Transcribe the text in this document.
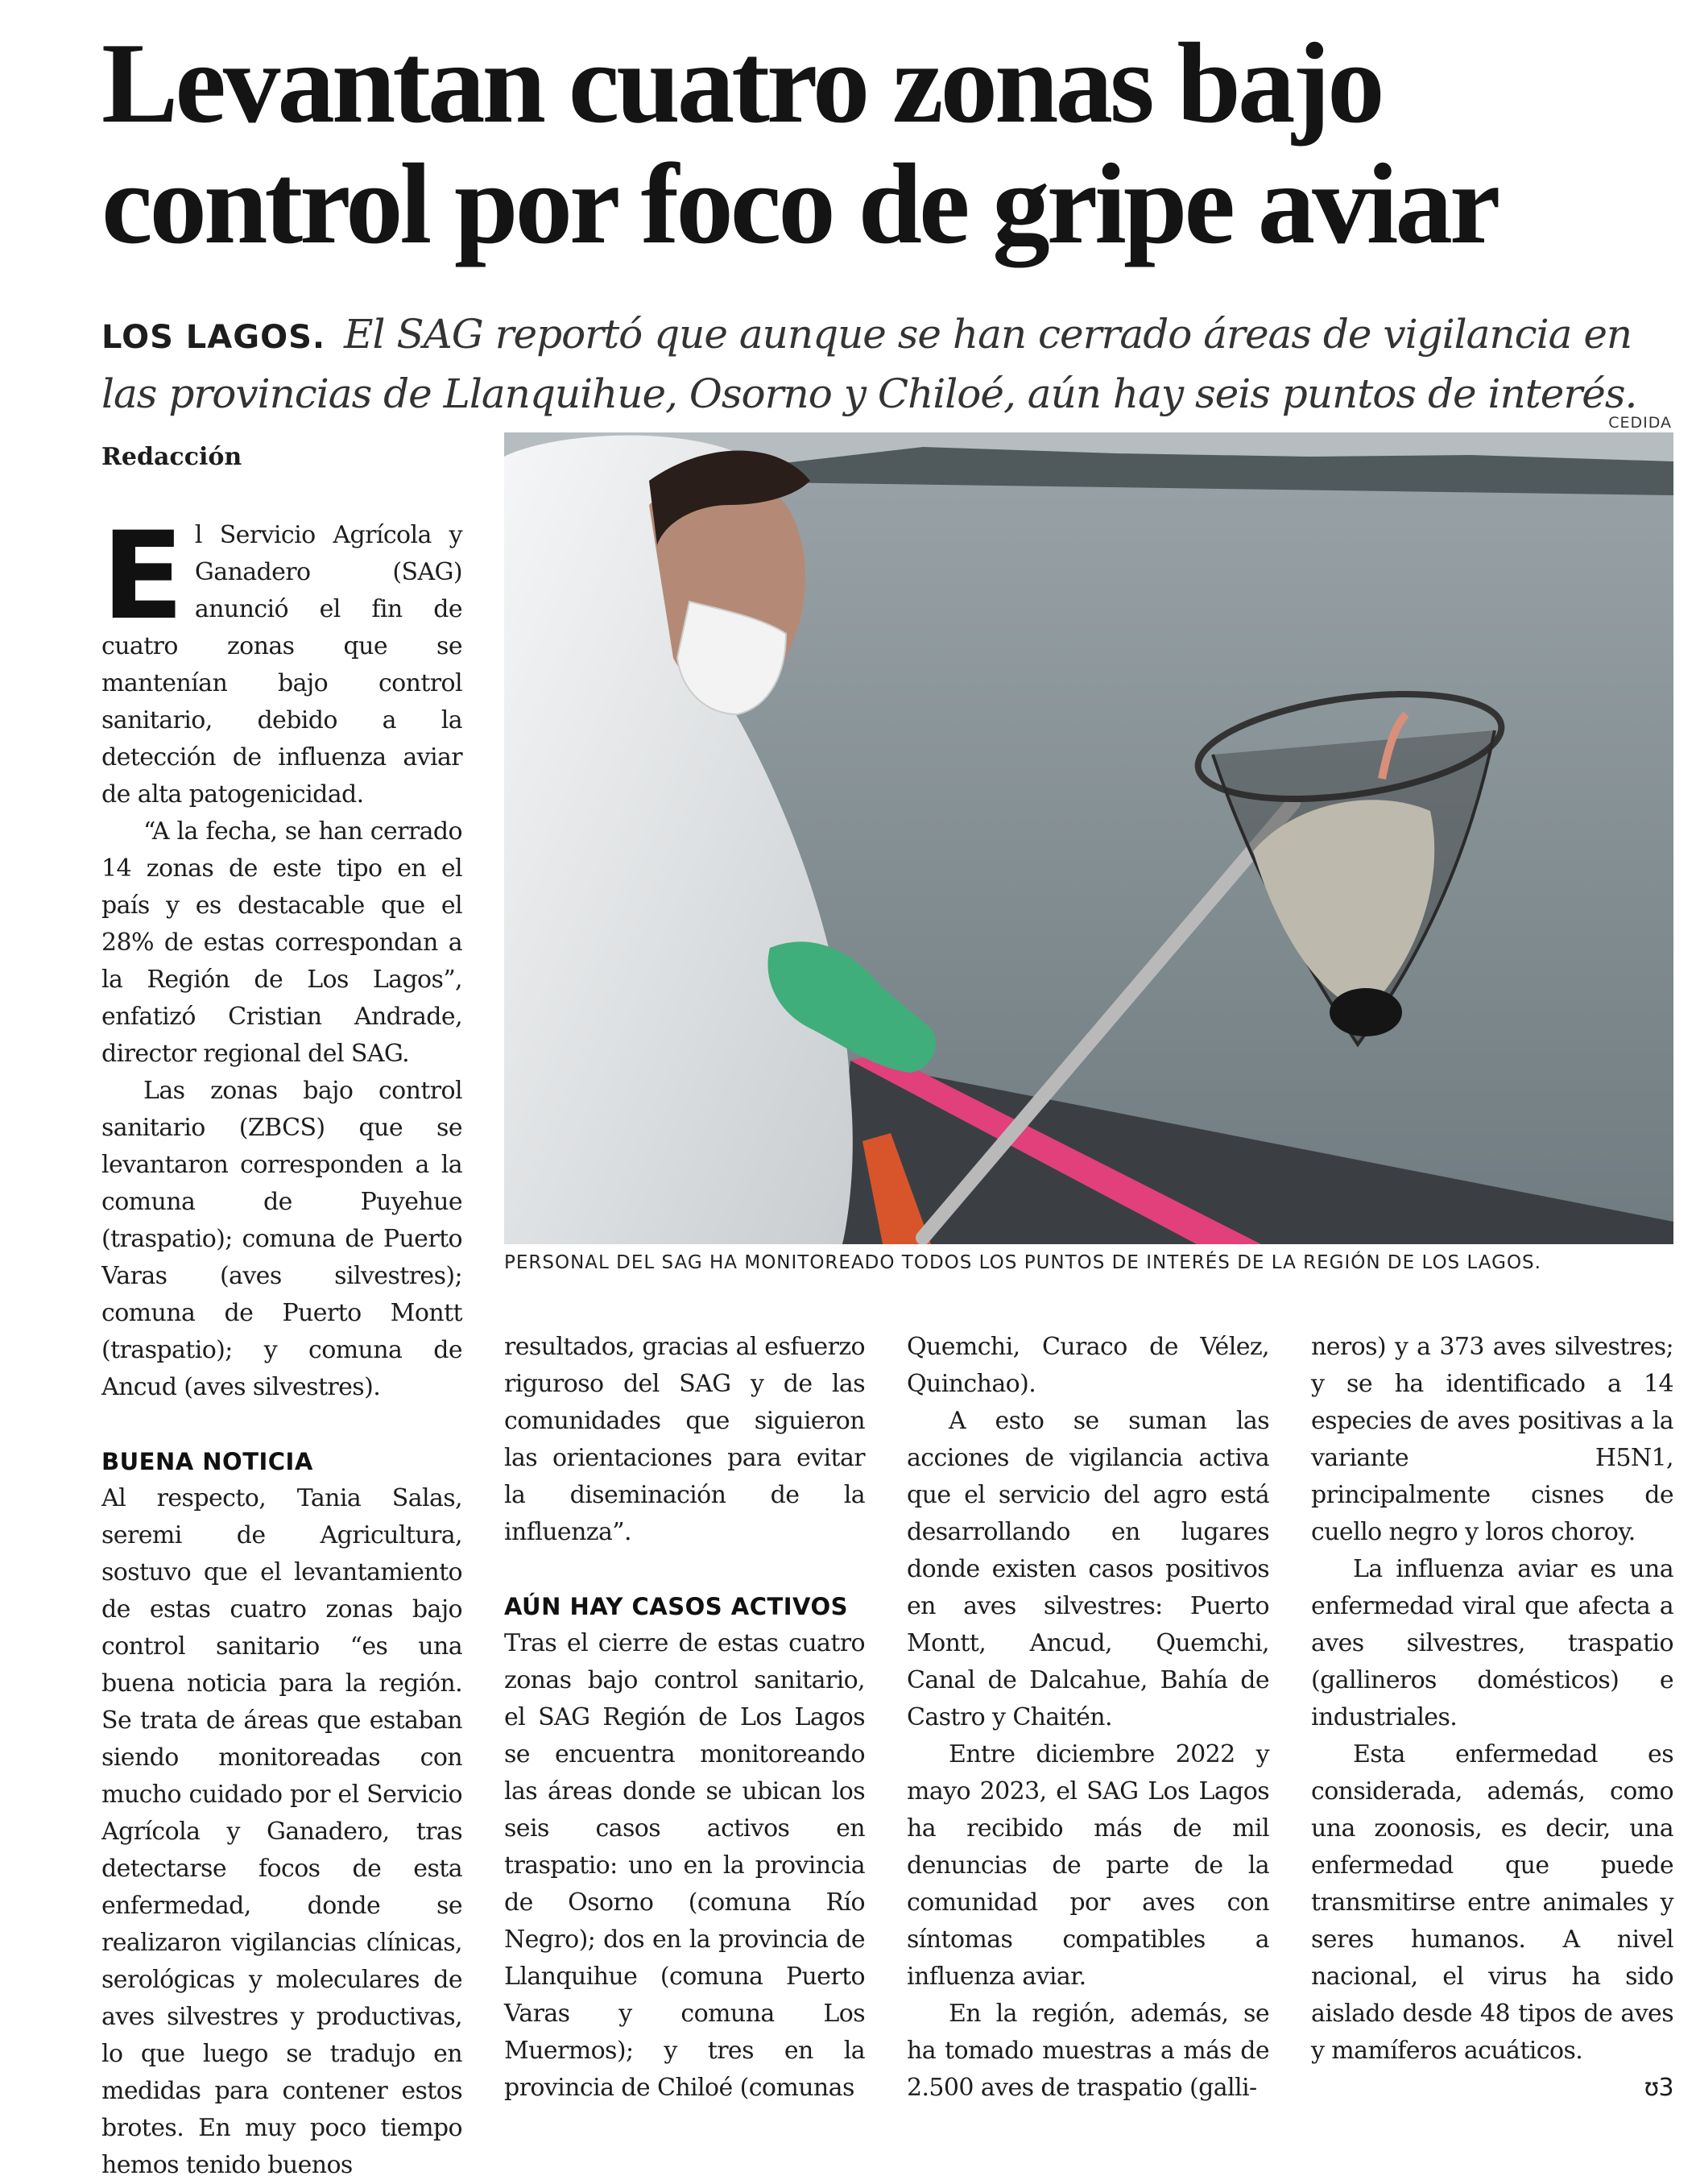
Levantan cuatro zonas bajo
control por foco de gripe aviar
LOS LAGOS. El SAG reportó que aunque se han cerrado áreas de vigilancia en las provincias de Llanquihue, Osorno y Chiloé, aún hay seis puntos de interés.
CEDIDA
Redacción
PERSONAL DEL SAG HA MONITOREADO TODOS LOS PUNTOS DE INTERÉS DE LA REGIÓN DE LOS LAGOS.
E l Servicio Agrícola y Ganadero (SAG) anunció el fin de cuatro zonas que se mantenían bajo control sanitario, debido a la detección de influenza aviar de alta patogenicidad.

“A la fecha, se han cerrado 14 zonas de este tipo en el país y es destacable que el 28% de estas correspondan a la Región de Los Lagos”, enfatizó Cristian Andrade, director regional del SAG.

Las zonas bajo control sanitario (ZBCS) que se levantaron corresponden a la comuna de Puyehue (traspatio); comuna de Puerto Varas (aves silvestres); comuna de Puerto Montt (traspatio); y comuna de Ancud (aves silvestres).

BUENA NOTICIA

Al respecto, Tania Salas, seremi de Agricultura, sostuvo que el levantamiento de estas cuatro zonas bajo control sanitario “es una buena noticia para la región. Se trata de áreas que estaban siendo monitoreadas con mucho cuidado por el Servicio Agrícola y Ganadero, tras detectarse focos de esta enfermedad, donde se realizaron vigilancias clínicas, serológicas y moleculares de aves silvestres y productivas, lo que luego se tradujo en medidas para contener estos brotes. En muy poco tiempo hemos tenido buenos

resultados, gracias al esfuerzo riguroso del SAG y de las comunidades que siguieron las orientaciones para evitar la diseminación de la influenza”.

AÚN HAY CASOS ACTIVOS

Tras el cierre de estas cuatro zonas bajo control sanitario, el SAG Región de Los Lagos se encuentra monitoreando las áreas donde se ubican los seis casos activos en traspatio: uno en la provincia de Osorno (comuna Río Negro); dos en la provincia de Llanquihue (comuna Puerto Varas y comuna Los Muermos); y tres en la provincia de Chiloé (comunas

Quemchi, Curaco de Vélez, Quinchao).

A esto se suman las acciones de vigilancia activa que el servicio del agro está desarrollando en lugares donde existen casos positivos en aves silvestres: Puerto Montt, Ancud, Quemchi, Canal de Dalcahue, Bahía de Castro y Chaitén.

Entre diciembre 2022 y mayo 2023, el SAG Los Lagos ha recibido más de mil denuncias de parte de la comunidad por aves con síntomas compatibles a influenza aviar.

En la región, además, se ha tomado muestras a más de 2.500 aves de traspatio (galli-

neros) y a 373 aves silvestres; y se ha identificado a 14 especies de aves positivas a la variante H5N1, principalmente cisnes de cuello negro y loros choroy.

La influenza aviar es una enfermedad viral que afecta a aves silvestres, traspatio (gallineros domésticos) e industriales.

Esta enfermedad es considerada, además, como una zoonosis, es decir, una enfermedad que puede transmitirse entre animales y seres humanos. A nivel nacional, el virus ha sido aislado desde 48 tipos de aves y mamíferos acuáticos.

ʊ3
